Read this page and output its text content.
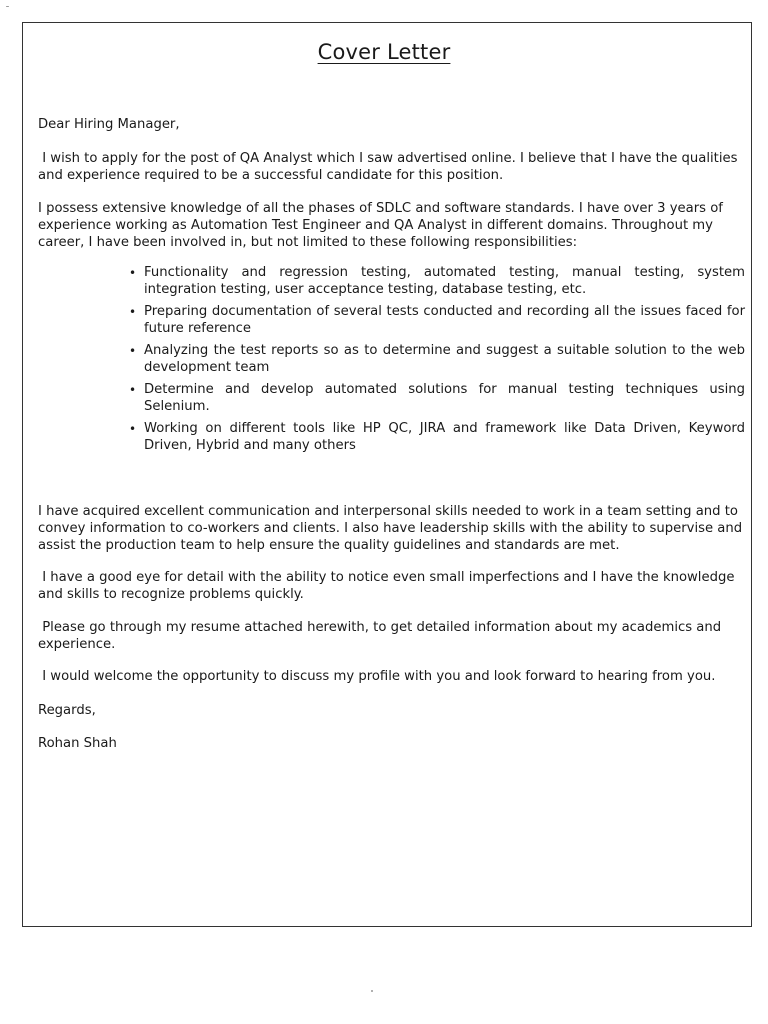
Cover Letter
Dear Hiring Manager,

I wish to apply for the post of QA Analyst which I saw advertised online. I believe that I have the qualities and experience required to be a successful candidate for this position.

I possess extensive knowledge of all the phases of SDLC and software standards. I have over 3 years of experience working as Automation Test Engineer and QA Analyst in different domains. Throughout my career, I have been involved in, but not limited to these following responsibilities:

• Functionality and regression testing, automated testing, manual testing, system integration testing, user acceptance testing, database testing, etc.
• Preparing documentation of several tests conducted and recording all the issues faced for future reference
• Analyzing the test reports so as to determine and suggest a suitable solution to the web development team
• Determine and develop automated solutions for manual testing techniques using Selenium.
• Working on different tools like HP QC, JIRA and framework like Data Driven, Keyword Driven, Hybrid and many others

I have acquired excellent communication and interpersonal skills needed to work in a team setting and to convey information to co-workers and clients. I also have leadership skills with the ability to supervise and assist the production team to help ensure the quality guidelines and standards are met.

I have a good eye for detail with the ability to notice even small imperfections and I have the knowledge and skills to recognize problems quickly.

Please go through my resume attached herewith, to get detailed information about my academics and experience.

I would welcome the opportunity to discuss my profile with you and look forward to hearing from you.

Regards,
Rohan Shah
